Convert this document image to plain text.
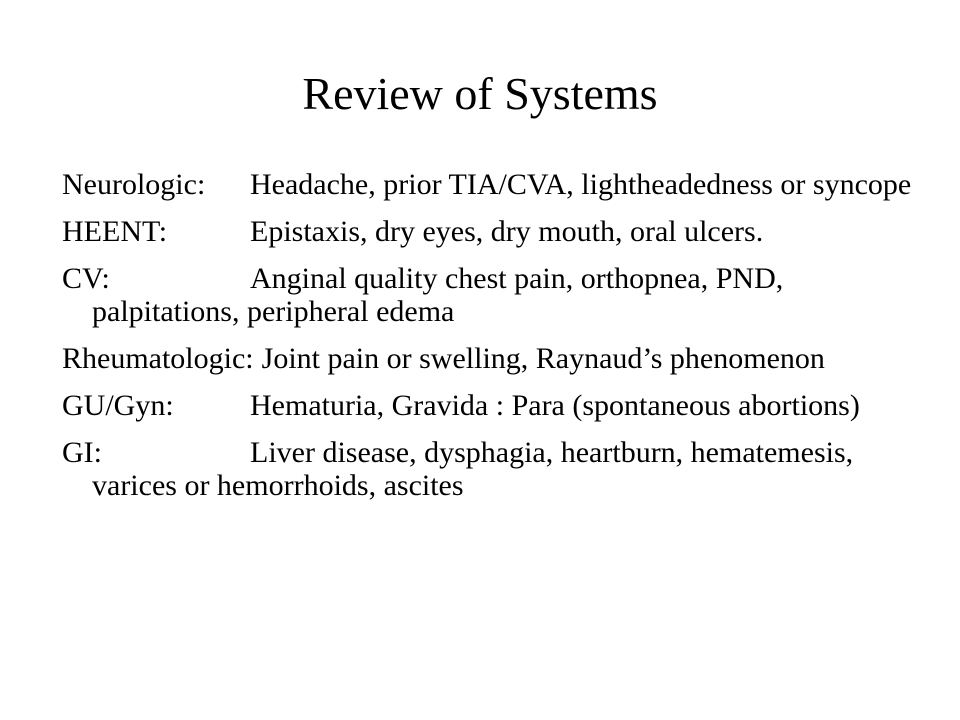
Review of Systems
Neurologic: Headache, prior TIA/CVA, lightheadedness or syncope
HEENT:	Epistaxis, dry eyes, dry mouth, oral ulcers.
CV:	Anginal quality chest pain, orthopnea, PND, palpitations, peripheral edema
Rheumatologic: Joint pain or swelling, Raynaud’s phenomenon
GU/Gyn:	Hematuria, Gravida : Para (spontaneous abortions)
GI:	Liver disease, dysphagia, heartburn, hematemesis, varices or hemorrhoids, ascites
